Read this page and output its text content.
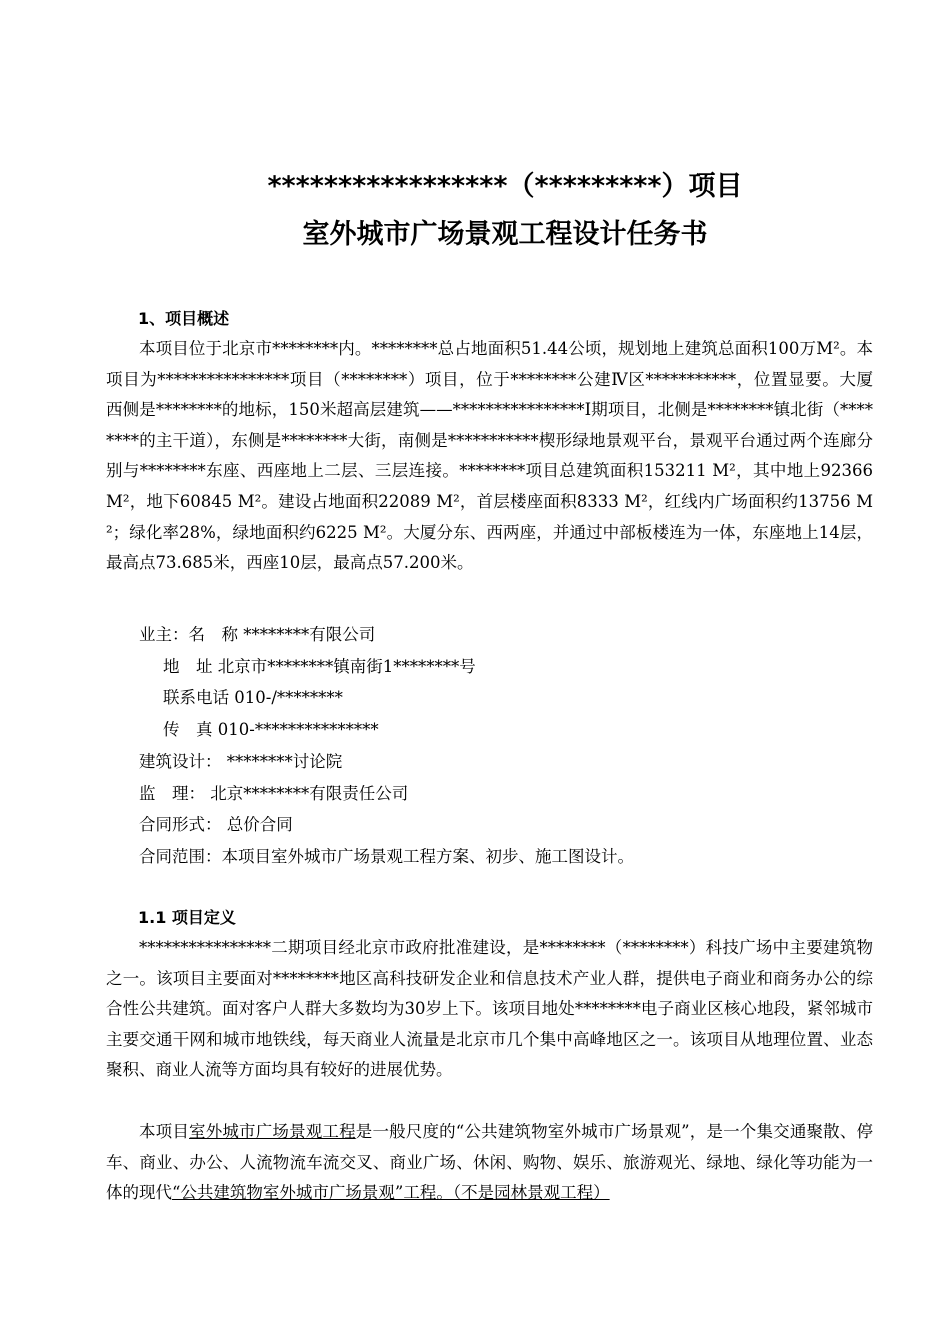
*****************（*********）项目
室外城市广场景观工程设计任务书
1、项目概述
本项目位于北京市********内。********总占地面积51.44公顷，规划地上建筑总面积100万M²。本项目为****************项目（********）项目，位于********公建Ⅳ区***********，位置显要。大厦西侧是********的地标，150米超高层建筑——****************I期项目，北侧是********镇北街（********的主干道），东侧是********大街，南侧是***********楔形绿地景观平台，景观平台通过两个连廊分别与********东座、西座地上二层、三层连接。********项目总建筑面积153211 M²，其中地上92366 M²，地下60845 M²。建设占地面积22089 M²，首层楼座面积8333 M²，红线内广场面积约13756 M²；绿化率28%，绿地面积约6225 M²。大厦分东、西两座，并通过中部板楼连为一体，东座地上14层，最高点73.685米，西座10层，最高点57.200米。
业主：名　称 ********有限公司
地　址 北京市********镇南街1********号
联系电话 010-/********
传　真 010-***************
建筑设计： ********讨论院
监　理： 北京********有限责任公司
合同形式： 总价合同
合同范围：本项目室外城市广场景观工程方案、初步、施工图设计。
1.1 项目定义
****************二期项目经北京市政府批准建设，是********（********）科技广场中主要建筑物之一。该项目主要面对********地区高科技研发企业和信息技术产业人群，提供电子商业和商务办公的综合性公共建筑。面对客户人群大多数均为30岁上下。该项目地处********电子商业区核心地段，紧邻城市主要交通干网和城市地铁线，每天商业人流量是北京市几个集中高峰地区之一。该项目从地理位置、业态聚积、商业人流等方面均具有较好的进展优势。
本项目室外城市广场景观工程是一般尺度的“公共建筑物室外城市广场景观”，是一个集交通聚散、停车、商业、办公、人流物流车流交叉、商业广场、休闲、购物、娱乐、旅游观光、绿地、绿化等功能为一体的现代“公共建筑物室外城市广场景观”工程。（不是园林景观工程）
